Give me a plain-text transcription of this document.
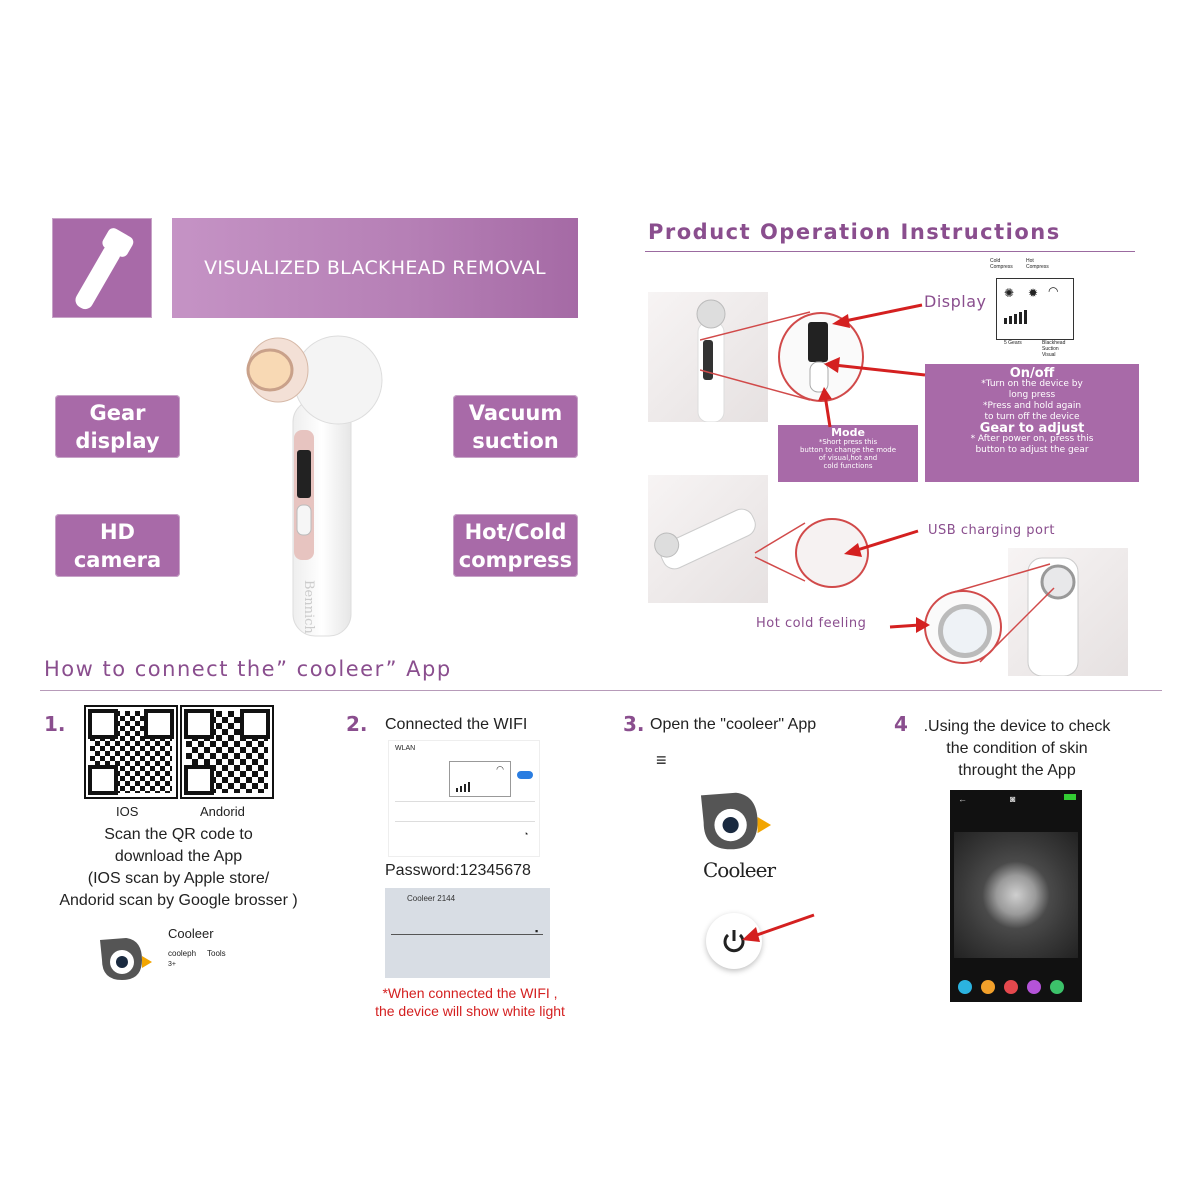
VISUALIZED BLACKHEAD REMOVAL
Gear
display
HD
camera
Vacuum
suction
Hot/Cold
compress
Bennich
Product Operation Instructions
Display ✺ ✹ ◠
Cold
Compress
Hot
Compress
5 Gears	Blackhead
Suction
Visual
On/off
*Turn on the device by
long press
*Press and hold again
to turn off the device
Gear to adjust
* After power on, press this
button to adjust the gear
Mode
*Short press this
button to change the mode
of visual,hot and
cold functions
USB charging port
Hot cold feeling
How to connect the” cooleer” App
1.
IOS	Andorid
Scan the QR code to
download the App
(IOS scan by Apple store/
Andorid scan by Google brosser )
Cooleer
cooleph     Tools
3+
2. Connected the WIFI
WLAN
◠
◔
Password:12345678
Cooleer 2144
▪
*When connected the WIFI ,
the device will show white light
3. Open the "cooleer" App
≡
Cooleer
4 .Using the device to check
the condition of skin
throught the App
←	◙
